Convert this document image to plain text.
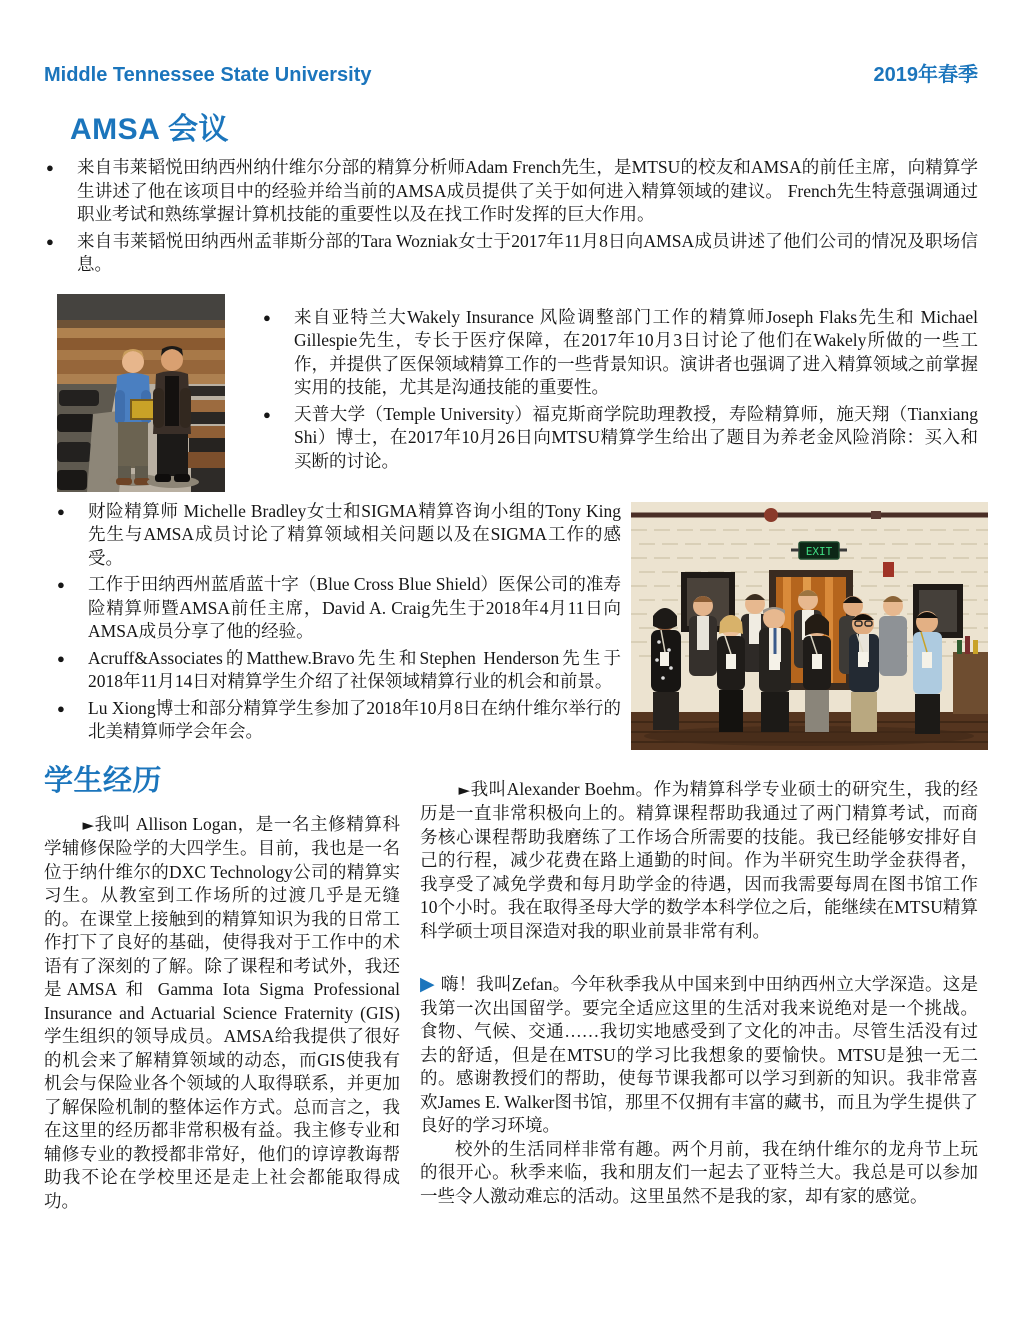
Middle Tennessee State University	2019年春季
AMSA 会议
● 来自韦莱韬悦田纳西州纳什维尔分部的精算分析师Adam French先生，是MTSU的校友和AMSA的前任主席，向精算学生讲述了他在该项目中的经验并给当前的AMSA成员提供了关于如何进入精算领域的建议。 French先生特意强调通过职业考试和熟练掌握计算机技能的重要性以及在找工作时发挥的巨大作用。
● 来自韦莱韬悦田纳西州孟菲斯分部的Tara Wozniak女士于2017年11月8日向AMSA成员讲述了他们公司的情况及职场信息。
● 来自亚特兰大Wakely Insurance 风险调整部门工作的精算师Joseph Flaks先生和 Michael Gillespie先生，专长于医疗保障，在2017年10月3日讨论了他们在Wakely所做的一些工作，并提供了医保领域精算工作的一些背景知识。演讲者也强调了进入精算领域之前掌握实用的技能，尤其是沟通技能的重要性。
● 天普大学（Temple University）福克斯商学院助理教授，寿险精算师，施天翔（Tianxiang Shi）博士，在2017年10月26日向MTSU精算学生给出了题目为养老金风险消除：买入和买断的讨论。
● 财险精算师 Michelle Bradley女士和SIGMA精算咨询小组的Tony King先生与AMSA成员讨论了精算领域相关问题以及在SIGMA工作的感受。
● 工作于田纳西州蓝盾蓝十字（Blue Cross Blue Shield）医保公司的准寿险精算师暨AMSA前任主席，David A. Craig先生于2018年4月11日向AMSA成员分享了他的经验。
● Acruff&Associates的Matthew.Bravo先生和Stephen Henderson先生于2018年11月14日对精算学生介绍了社保领域精算行业的机会和前景。
● Lu Xiong博士和部分精算学生参加了2018年10月8日在纳什维尔举行的北美精算师学会年会。
EXIT
学生经历

►我叫 Allison Logan，是一名主修精算科学辅修保险学的大四学生。目前，我也是一名位于纳什维尔的DXC Technology公司的精算实习生。从教室到工作场所的过渡几乎是无缝的。在课堂上接触到的精算知识为我的日常工作打下了良好的基础，使得我对于工作中的术语有了深刻的了解。除了课程和考试外，我还是AMSA 和 Gamma Iota Sigma Professional Insurance and Actuarial Science Fraternity (GIS)学生组织的领导成员。AMSA给我提供了很好的机会来了解精算领域的动态，而GIS使我有机会与保险业各个领域的人取得联系，并更加了解保险机制的整体运作方式。总而言之，我在这里的经历都非常积极有益。我主修专业和辅修专业的教授都非常好，他们的谆谆教诲帮助我不论在学校里还是走上社会都能取得成功。

►我叫Alexander Boehm。作为精算科学专业硕士的研究生，我的经历是一直非常积极向上的。精算课程帮助我通过了两门精算考试，而商务核心课程帮助我磨练了工作场合所需要的技能。我已经能够安排好自己的行程，减少花费在路上通勤的时间。作为半研究生助学金获得者，我享受了减免学费和每月助学金的待遇，因而我需要每周在图书馆工作10个小时。我在取得圣母大学的数学本科学位之后，能继续在MTSU精算科学硕士项目深造对我的职业前景非常有利。

▶ 嗨！我叫Zefan。今年秋季我从中国来到中田纳西州立大学深造。这是我第一次出国留学。要完全适应这里的生活对我来说绝对是一个挑战。食物、气候、交通……我切实地感受到了文化的冲击。尽管生活没有过去的舒适，但是在MTSU的学习比我想象的要愉快。MTSU是独一无二的。感谢教授们的帮助，使每节课我都可以学习到新的知识。我非常喜欢James E. Walker图书馆，那里不仅拥有丰富的藏书，而且为学生提供了良好的学习环境。

校外的生活同样非常有趣。两个月前，我在纳什维尔的龙舟节上玩的很开心。秋季来临，我和朋友们一起去了亚特兰大。我总是可以参加一些令人激动难忘的活动。这里虽然不是我的家，却有家的感觉。
